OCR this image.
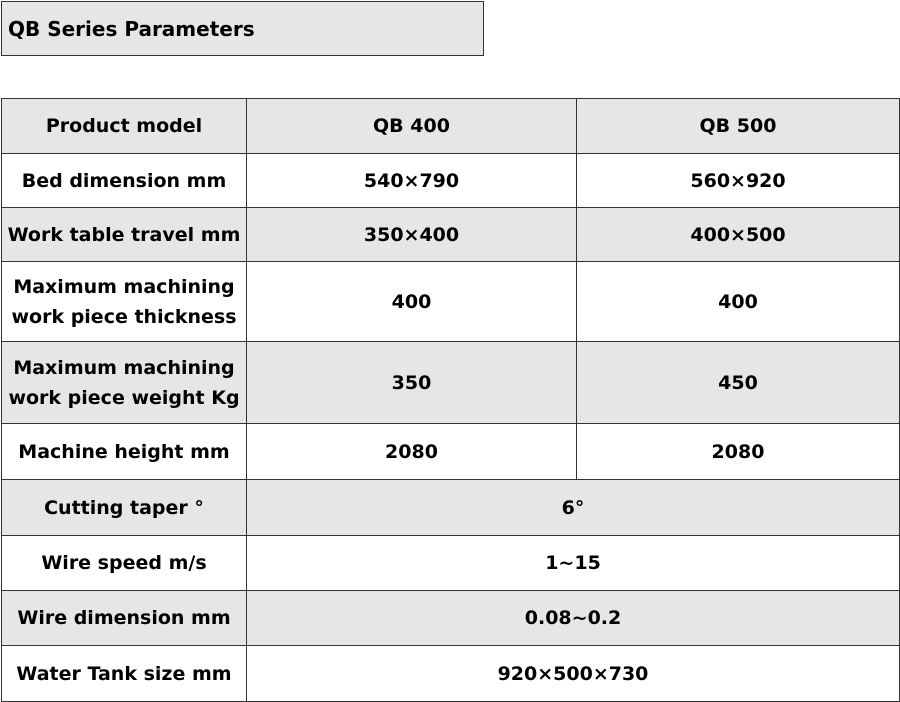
QB Series Parameters
Product model	QB 400	QB 500
Bed dimension mm	540×790	560×920
Work table travel mm	350×400	400×500
Maximum machining work piece thickness	400	400
Maximum machining work piece weight Kg	350	450
Machine height mm	2080	2080
Cutting taper °	6°	
Wire speed m/s	1~15	
Wire dimension mm	0.08~0.2	
Water Tank size mm	920×500×730	
